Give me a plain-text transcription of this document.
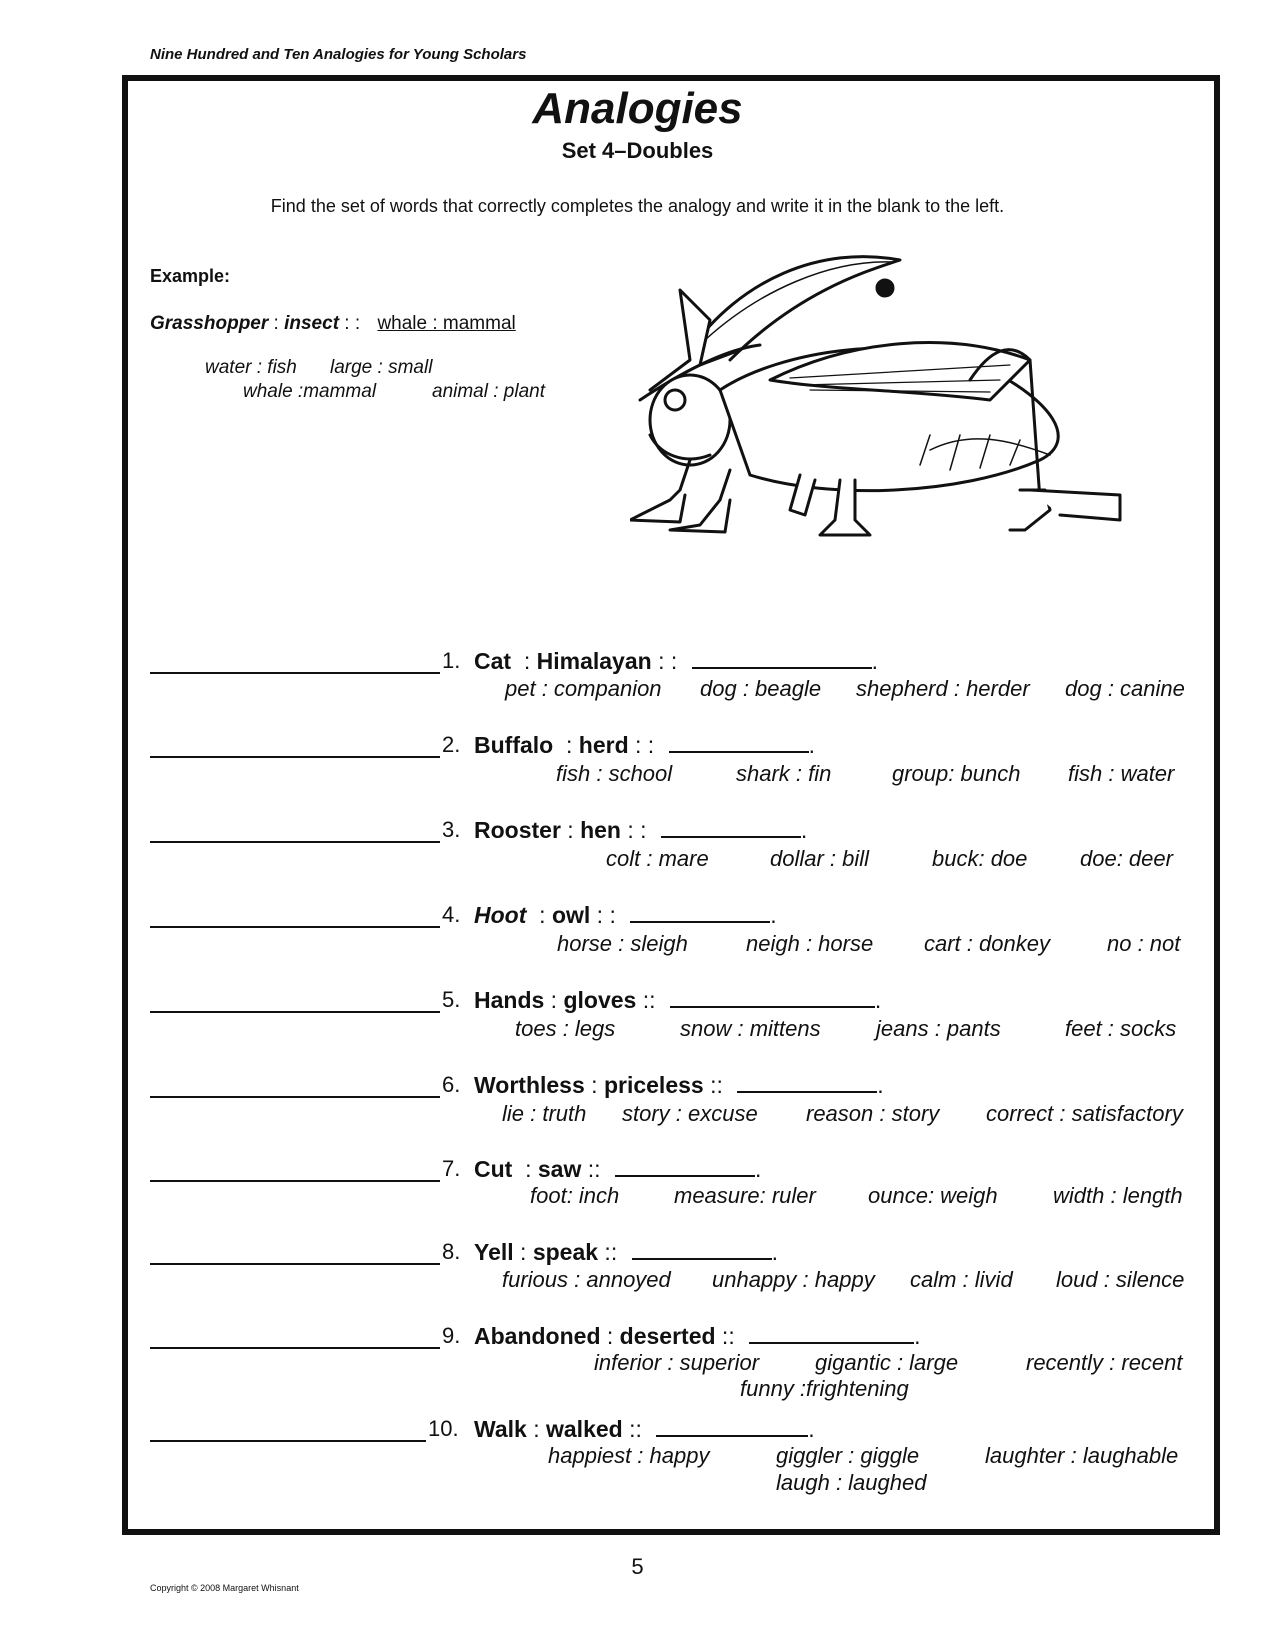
Nine Hundred and Ten Analogies for Young Scholars
Analogies
Set 4–Doubles
Find the set of words that correctly completes the analogy and write it in the blank to the left.
Example:
Grasshopper : insect : : whale : mammal
water : fish large : small
whale :mammal	animal : plant
1. Cat  : Himalayan : :	.
pet : companion dog : beagle shepherd : herder dog : canine
2. Buffalo  : herd : :	.
fish : school	shark : fin	group: bunch fish : water
3. Rooster : hen : :	.
colt : mare	dollar : bill	buck: doe doe: deer
4. Hoot  : owl : :	.
horse : sleigh	neigh : horse cart : donkey	no : not
5. Hands : gloves ::	.
toes : legs	snow : mittens	jeans : pants	feet : socks
6. Worthless : priceless ::	.
lie : truth story : excuse reason : story correct : satisfactory
7. Cut  : saw ::	.
foot: inch measure: ruler ounce: weigh	width : length
8. Yell : speak ::	.
furious : annoyed unhappy : happy calm : livid loud : silence
9. Abandoned : deserted ::	.
inferior : superior	gigantic : large	recently : recent
funny :frightening
10. Walk : walked ::	.
happiest : happy	giggler : giggle	laughter : laughable
laugh : laughed
5
Copyright © 2008 Margaret Whisnant
